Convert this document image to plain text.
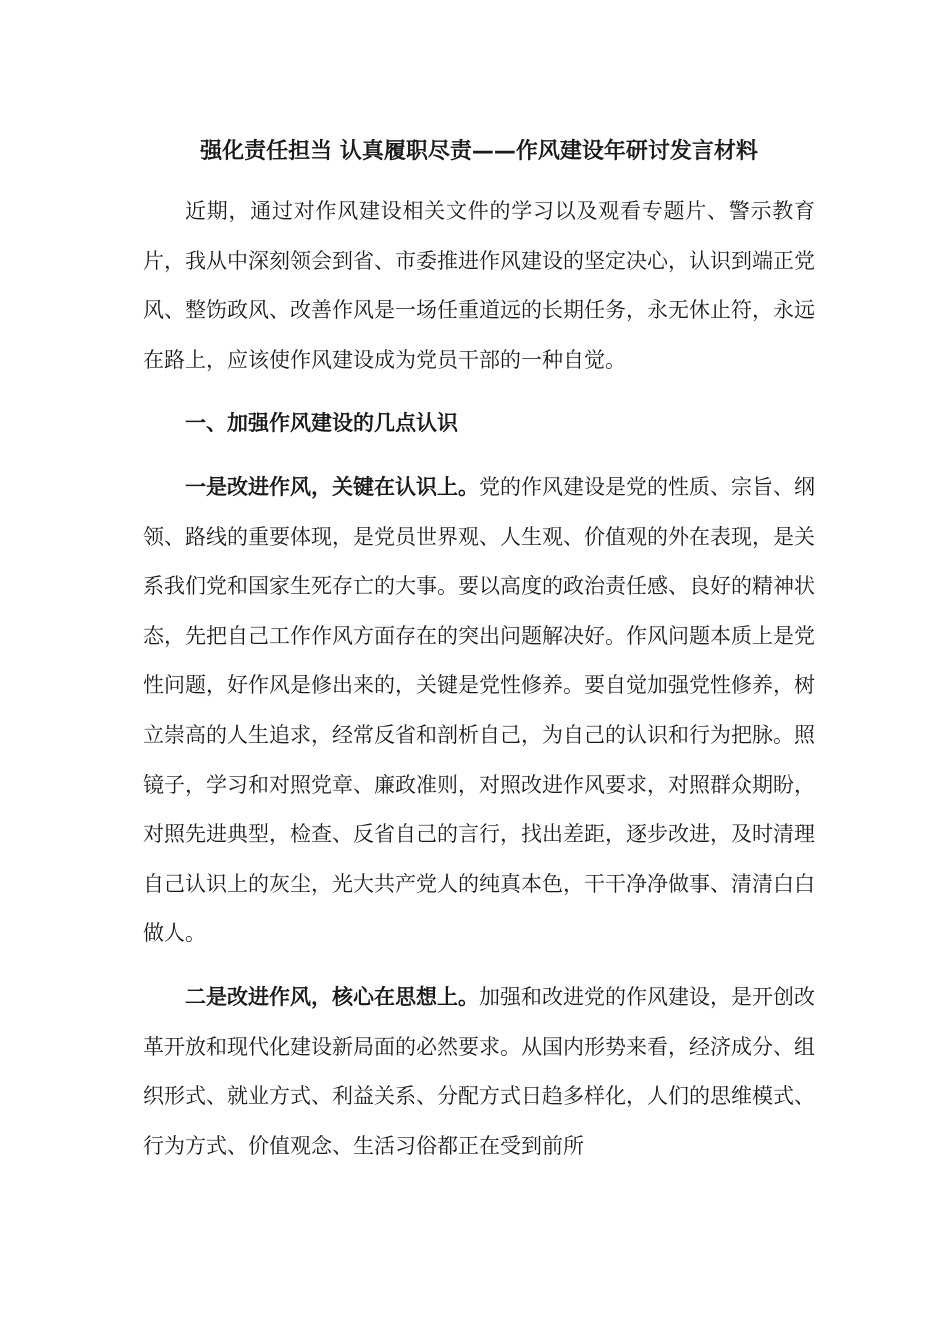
强化责任担当 认真履职尽责——作风建设年研讨发言材料

近期，通过对作风建设相关文件的学习以及观看专题片、警示教育片，我从中深刻领会到省、市委推进作风建设的坚定决心，认识到端正党风、整饬政风、改善作风是一场任重道远的长期任务，永无休止符，永远在路上，应该使作风建设成为党员干部的一种自觉。

一、加强作风建设的几点认识

一是改进作风，关键在认识上。党的作风建设是党的性质、宗旨、纲领、路线的重要体现，是党员世界观、人生观、价值观的外在表现，是关系我们党和国家生死存亡的大事。要以高度的政治责任感、良好的精神状态，先把自己工作作风方面存在的突出问题解决好。作风问题本质上是党性问题，好作风是修出来的，关键是党性修养。要自觉加强党性修养，树立崇高的人生追求，经常反省和剖析自己，为自己的认识和行为把脉。照镜子，学习和对照党章、廉政准则，对照改进作风要求，对照群众期盼，对照先进典型，检查、反省自己的言行，找出差距，逐步改进，及时清理自己认识上的灰尘，光大共产党人的纯真本色，干干净净做事、清清白白做人。

二是改进作风，核心在思想上。加强和改进党的作风建设，是开创改革开放和现代化建设新局面的必然要求。从国内形势来看，经济成分、组织形式、就业方式、利益关系、分配方式日趋多样化，人们的思维模式、行为方式、价值观念、生活习俗都正在受到前所
